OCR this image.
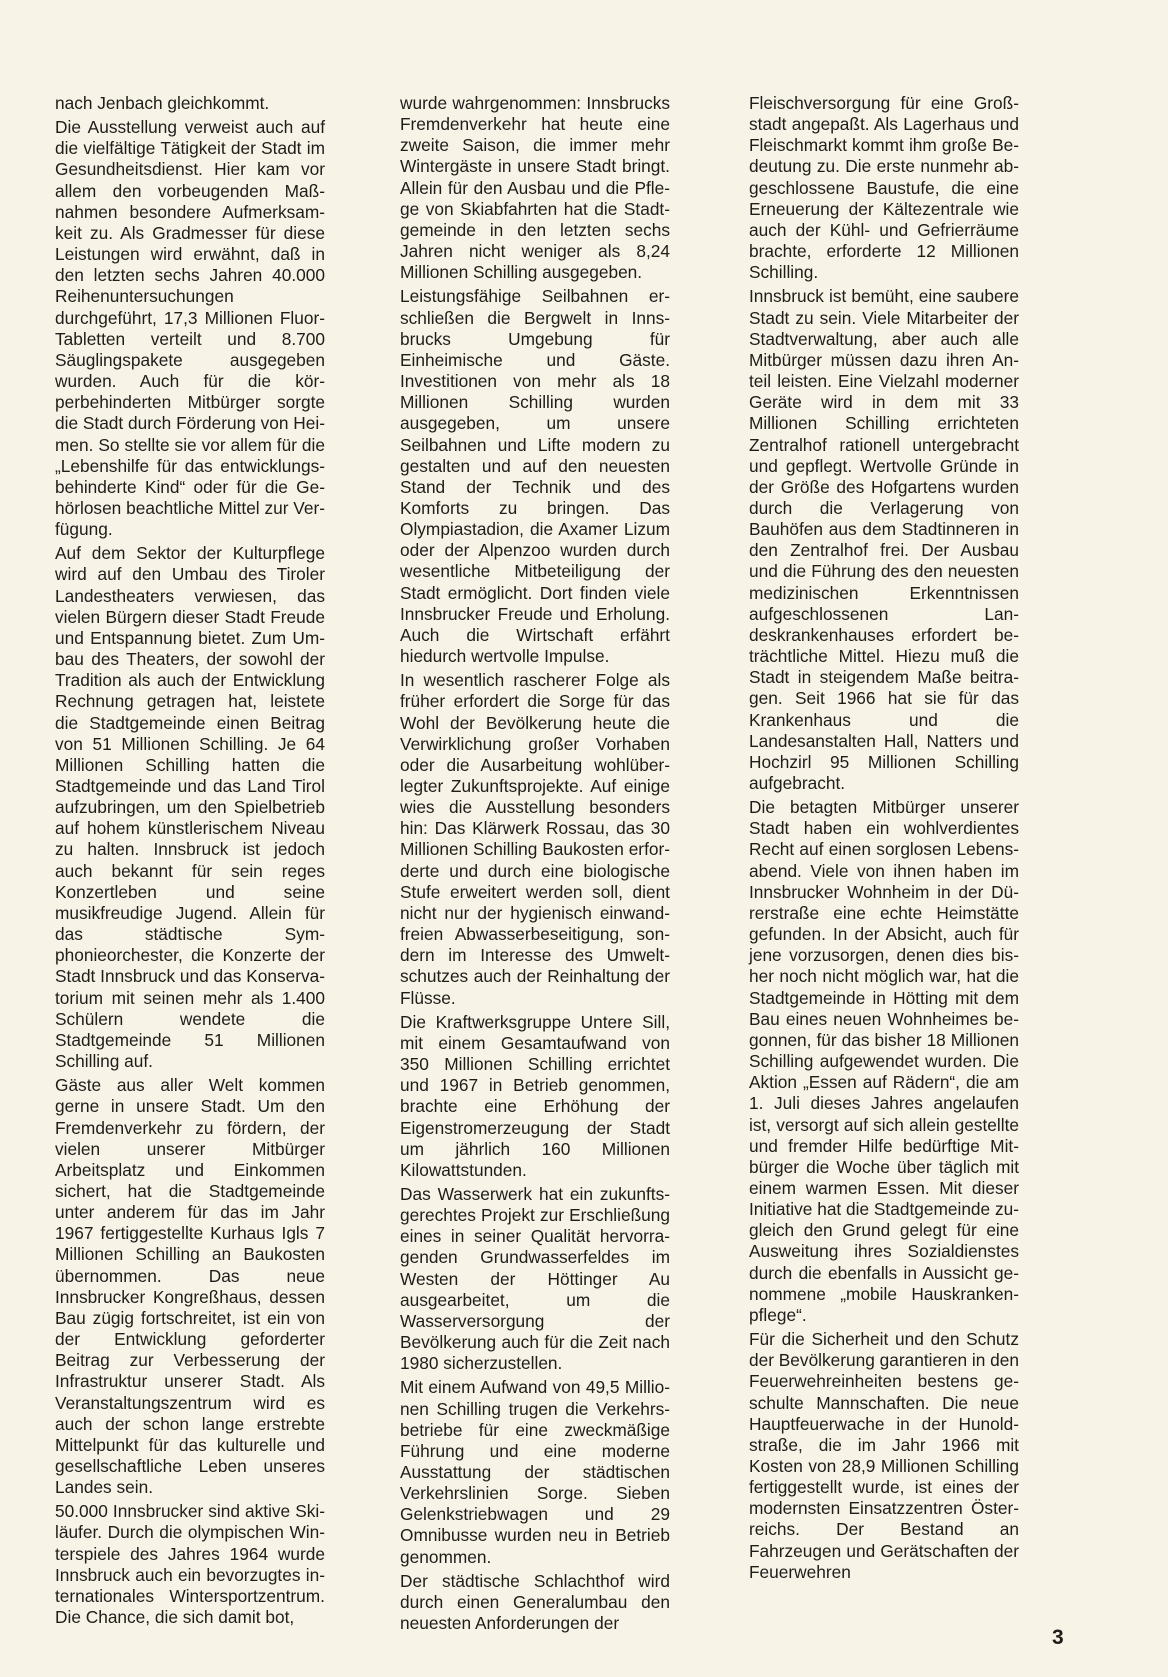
nach Jenbach gleichkommt.

Die Ausstellung verweist auch auf die vielfältige Tätigkeit der Stadt im Gesundheitsdienst. Hier kam vor allem den vorbeugenden Maßnahmen besondere Aufmerksamkeit zu. Als Gradmesser für diese Leistungen wird erwähnt, daß in den letzten sechs Jahren 40.000 Reihenuntersuchungen durchgeführt, 17,3 Millionen Fluor-Tabletten verteilt und 8.700 Säuglingspakete ausgegeben wurden. Auch für die körperbehinderten Mitbürger sorgte die Stadt durch Förderung von Heimen. So stellte sie vor allem für die „Lebenshilfe für das entwicklungsbehinderte Kind“ oder für die Gehörlosen beachtliche Mittel zur Verfügung.

Auf dem Sektor der Kulturpflege wird auf den Umbau des Tiroler Landestheaters verwiesen, das vielen Bürgern dieser Stadt Freude und Entspannung bietet. Zum Umbau des Theaters, der sowohl der Tradition als auch der Entwicklung Rechnung getragen hat, leistete die Stadtgemeinde einen Beitrag von 51 Millionen Schilling. Je 64 Millionen Schilling hatten die Stadtgemeinde und das Land Tirol aufzubringen, um den Spielbetrieb auf hohem künstlerischem Niveau zu halten. Innsbruck ist jedoch auch bekannt für sein reges Konzertleben und seine musikfreudige Jugend. Allein für das städtische Symphonieorchester, die Konzerte der Stadt Innsbruck und das Konservatorium mit seinen mehr als 1.400 Schülern wendete die Stadtgemeinde 51 Millionen Schilling auf.

Gäste aus aller Welt kommen gerne in unsere Stadt. Um den Fremdenverkehr zu fördern, der vielen unserer Mitbürger Arbeitsplatz und Einkommen sichert, hat die Stadtgemeinde unter anderem für das im Jahr 1967 fertiggestellte Kurhaus Igls 7 Millionen Schilling an Baukosten übernommen. Das neue Innsbrucker Kongreßhaus, dessen Bau zügig fortschreitet, ist ein von der Entwicklung geforderter Beitrag zur Verbesserung der Infrastruktur unserer Stadt. Als Veranstaltungszentrum wird es auch der schon lange erstrebte Mittelpunkt für das kulturelle und gesellschaftliche Leben unseres Landes sein.

50.000 Innsbrucker sind aktive Skiläufer. Durch die olympischen Winterspiele des Jahres 1964 wurde Innsbruck auch ein bevorzugtes internationales Wintersportzentrum. Die Chance, die sich damit bot,

wurde wahrgenommen: Innsbrucks Fremdenverkehr hat heute eine zweite Saison, die immer mehr Wintergäste in unsere Stadt bringt. Allein für den Ausbau und die Pflege von Skiabfahrten hat die Stadtgemeinde in den letzten sechs Jahren nicht weniger als 8,24 Millionen Schilling ausgegeben.

Leistungsfähige Seilbahnen erschließen die Bergwelt in Innsbrucks Umgebung für Einheimische und Gäste. Investitionen von mehr als 18 Millionen Schilling wurden ausgegeben, um unsere Seilbahnen und Lifte modern zu gestalten und auf den neuesten Stand der Technik und des Komforts zu bringen. Das Olympiastadion, die Axamer Lizum oder der Alpenzoo wurden durch wesentliche Mitbeteiligung der Stadt ermöglicht. Dort finden viele Innsbrucker Freude und Erholung. Auch die Wirtschaft erfährt hiedurch wertvolle Impulse.

In wesentlich rascherer Folge als früher erfordert die Sorge für das Wohl der Bevölkerung heute die Verwirklichung großer Vorhaben oder die Ausarbeitung wohlüberlegter Zukunftsprojekte. Auf einige wies die Ausstellung besonders hin: Das Klärwerk Rossau, das 30 Millionen Schilling Baukosten erforderte und durch eine biologische Stufe erweitert werden soll, dient nicht nur der hygienisch einwandfreien Abwasserbeseitigung, sondern im Interesse des Umweltschutzes auch der Reinhaltung der Flüsse.

Die Kraftwerksgruppe Untere Sill, mit einem Gesamtaufwand von 350 Millionen Schilling errichtet und 1967 in Betrieb genommen, brachte eine Erhöhung der Eigenstromerzeugung der Stadt um jährlich 160 Millionen Kilowattstunden.

Das Wasserwerk hat ein zukunftsgerechtes Projekt zur Erschließung eines in seiner Qualität hervorragenden Grundwasserfeldes im Westen der Höttinger Au ausgearbeitet, um die Wasserversorgung der Bevölkerung auch für die Zeit nach 1980 sicherzustellen.

Mit einem Aufwand von 49,5 Millionen Schilling trugen die Verkehrsbetriebe für eine zweckmäßige Führung und eine moderne Ausstattung der städtischen Verkehrslinien Sorge. Sieben Gelenkstriebwagen und 29 Omnibusse wurden neu in Betrieb genommen.

Der städtische Schlachthof wird durch einen Generalumbau den neuesten Anforderungen der

Fleischversorgung für eine Großstadt angepaßt. Als Lagerhaus und Fleischmarkt kommt ihm große Bedeutung zu. Die erste nunmehr abgeschlossene Baustufe, die eine Erneuerung der Kältezentrale wie auch der Kühl- und Gefrierräume brachte, erforderte 12 Millionen Schilling.

Innsbruck ist bemüht, eine saubere Stadt zu sein. Viele Mitarbeiter der Stadtverwaltung, aber auch alle Mitbürger müssen dazu ihren Anteil leisten. Eine Vielzahl moderner Geräte wird in dem mit 33 Millionen Schilling errichteten Zentralhof rationell untergebracht und gepflegt. Wertvolle Gründe in der Größe des Hofgartens wurden durch die Verlagerung von Bauhöfen aus dem Stadtinneren in den Zentralhof frei. Der Ausbau und die Führung des den neuesten medizinischen Erkenntnissen aufgeschlossenen Landeskrankenhauses erfordert beträchtliche Mittel. Hiezu muß die Stadt in steigendem Maße beitragen. Seit 1966 hat sie für das Krankenhaus und die Landesanstalten Hall, Natters und Hochzirl 95 Millionen Schilling aufgebracht.

Die betagten Mitbürger unserer Stadt haben ein wohlverdientes Recht auf einen sorglosen Lebensabend. Viele von ihnen haben im Innsbrucker Wohnheim in der Dürerstraße eine echte Heimstätte gefunden. In der Absicht, auch für jene vorzusorgen, denen dies bisher noch nicht möglich war, hat die Stadtgemeinde in Hötting mit dem Bau eines neuen Wohnheimes begonnen, für das bisher 18 Millionen Schilling aufgewendet wurden. Die Aktion „Essen auf Rädern“, die am 1. Juli dieses Jahres angelaufen ist, versorgt auf sich allein gestellte und fremder Hilfe bedürftige Mitbürger die Woche über täglich mit einem warmen Essen. Mit dieser Initiative hat die Stadtgemeinde zugleich den Grund gelegt für eine Ausweitung ihres Sozialdienstes durch die ebenfalls in Aussicht genommene „mobile Hauskrankenpflege“.

Für die Sicherheit und den Schutz der Bevölkerung garantieren in den Feuerwehreinheiten bestens geschulte Mannschaften. Die neue Hauptfeuerwache in der Hunoldstraße, die im Jahr 1966 mit Kosten von 28,9 Millionen Schilling fertiggestellt wurde, ist eines der modernsten Einsatzzentren Österreichs. Der Bestand an Fahrzeugen und Gerätschaften der Feuerwehren

3
